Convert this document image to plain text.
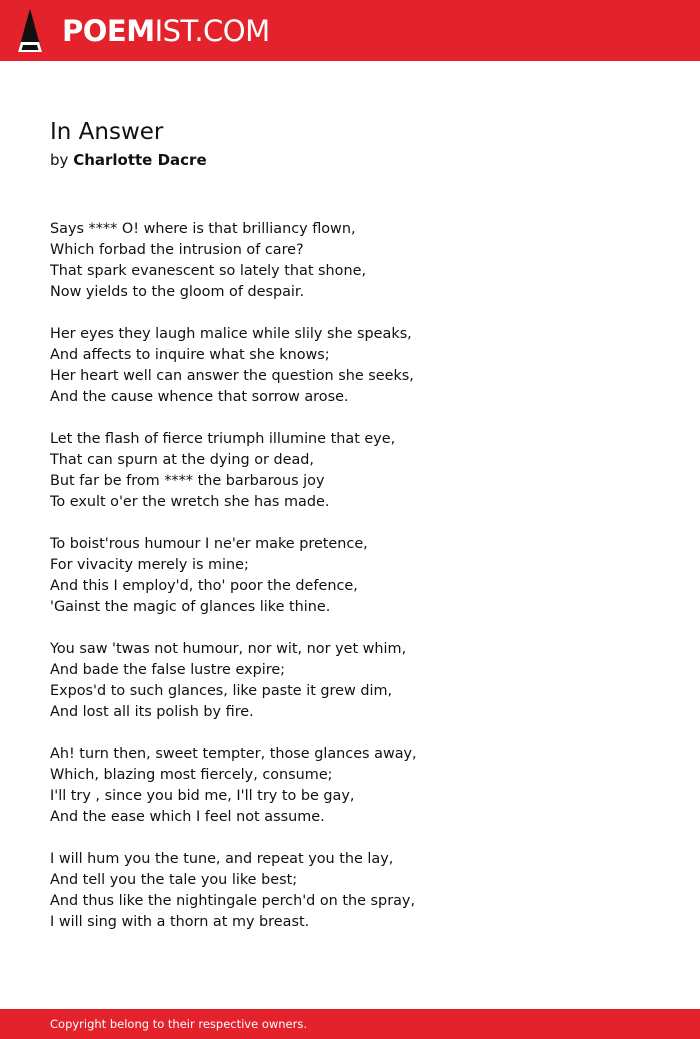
POEMIST.COM
In Answer
by Charlotte Dacre
Says **** O! where is that brilliancy flown,
Which forbad the intrusion of care?
That spark evanescent so lately that shone,
Now yields to the gloom of despair.
Her eyes they laugh malice while slily she speaks,
And affects to inquire what she knows;
Her heart well can answer the question she seeks,
And the cause whence that sorrow arose.
Let the flash of fierce triumph illumine that eye,
That can spurn at the dying or dead,
But far be from **** the barbarous joy
To exult o'er the wretch she has made.
To boist'rous humour I ne'er make pretence,
For vivacity merely is mine;
And this I employ'd, tho' poor the defence,
'Gainst the magic of glances like thine.
You saw 'twas not humour, nor wit, nor yet whim,
And bade the false lustre expire;
Expos'd to such glances, like paste it grew dim,
And lost all its polish by fire.
Ah! turn then, sweet tempter, those glances away,
Which, blazing most fiercely, consume;
I'll try , since you bid me, I'll try to be gay,
And the ease which I feel not assume.
I will hum you the tune, and repeat you the lay,
And tell you the tale you like best;
And thus like the nightingale perch'd on the spray,
I will sing with a thorn at my breast.
Copyright belong to their respective owners.
